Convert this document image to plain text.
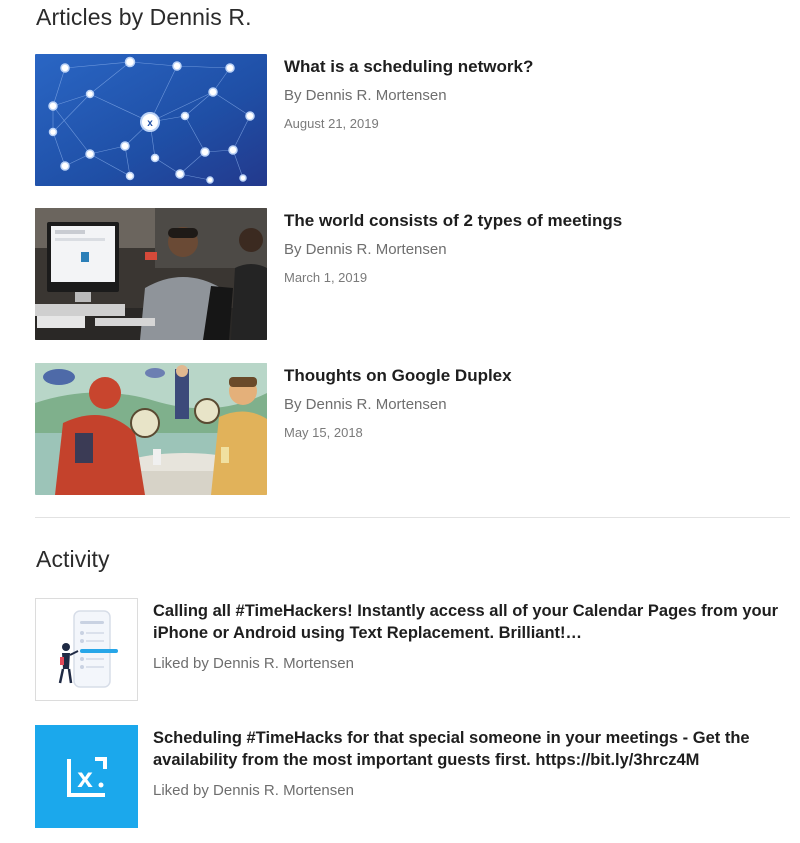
Articles by Dennis R.
x
What is a scheduling network?
By Dennis R. Mortensen
August 21, 2019
The world consists of 2 types of meetings
By Dennis R. Mortensen
March 1, 2019
Thoughts on Google Duplex
By Dennis R. Mortensen
May 15, 2018
Activity
Calling all #TimeHackers! Instantly access all of your Calendar Pages from your iPhone or Android using Text Replacement. Brilliant!…
Liked by Dennis R. Mortensen
x
Scheduling #TimeHacks for that special someone in your meetings - Get the availability from the most important guests first. https://bit.ly/3hrcz4M
Liked by Dennis R. Mortensen
